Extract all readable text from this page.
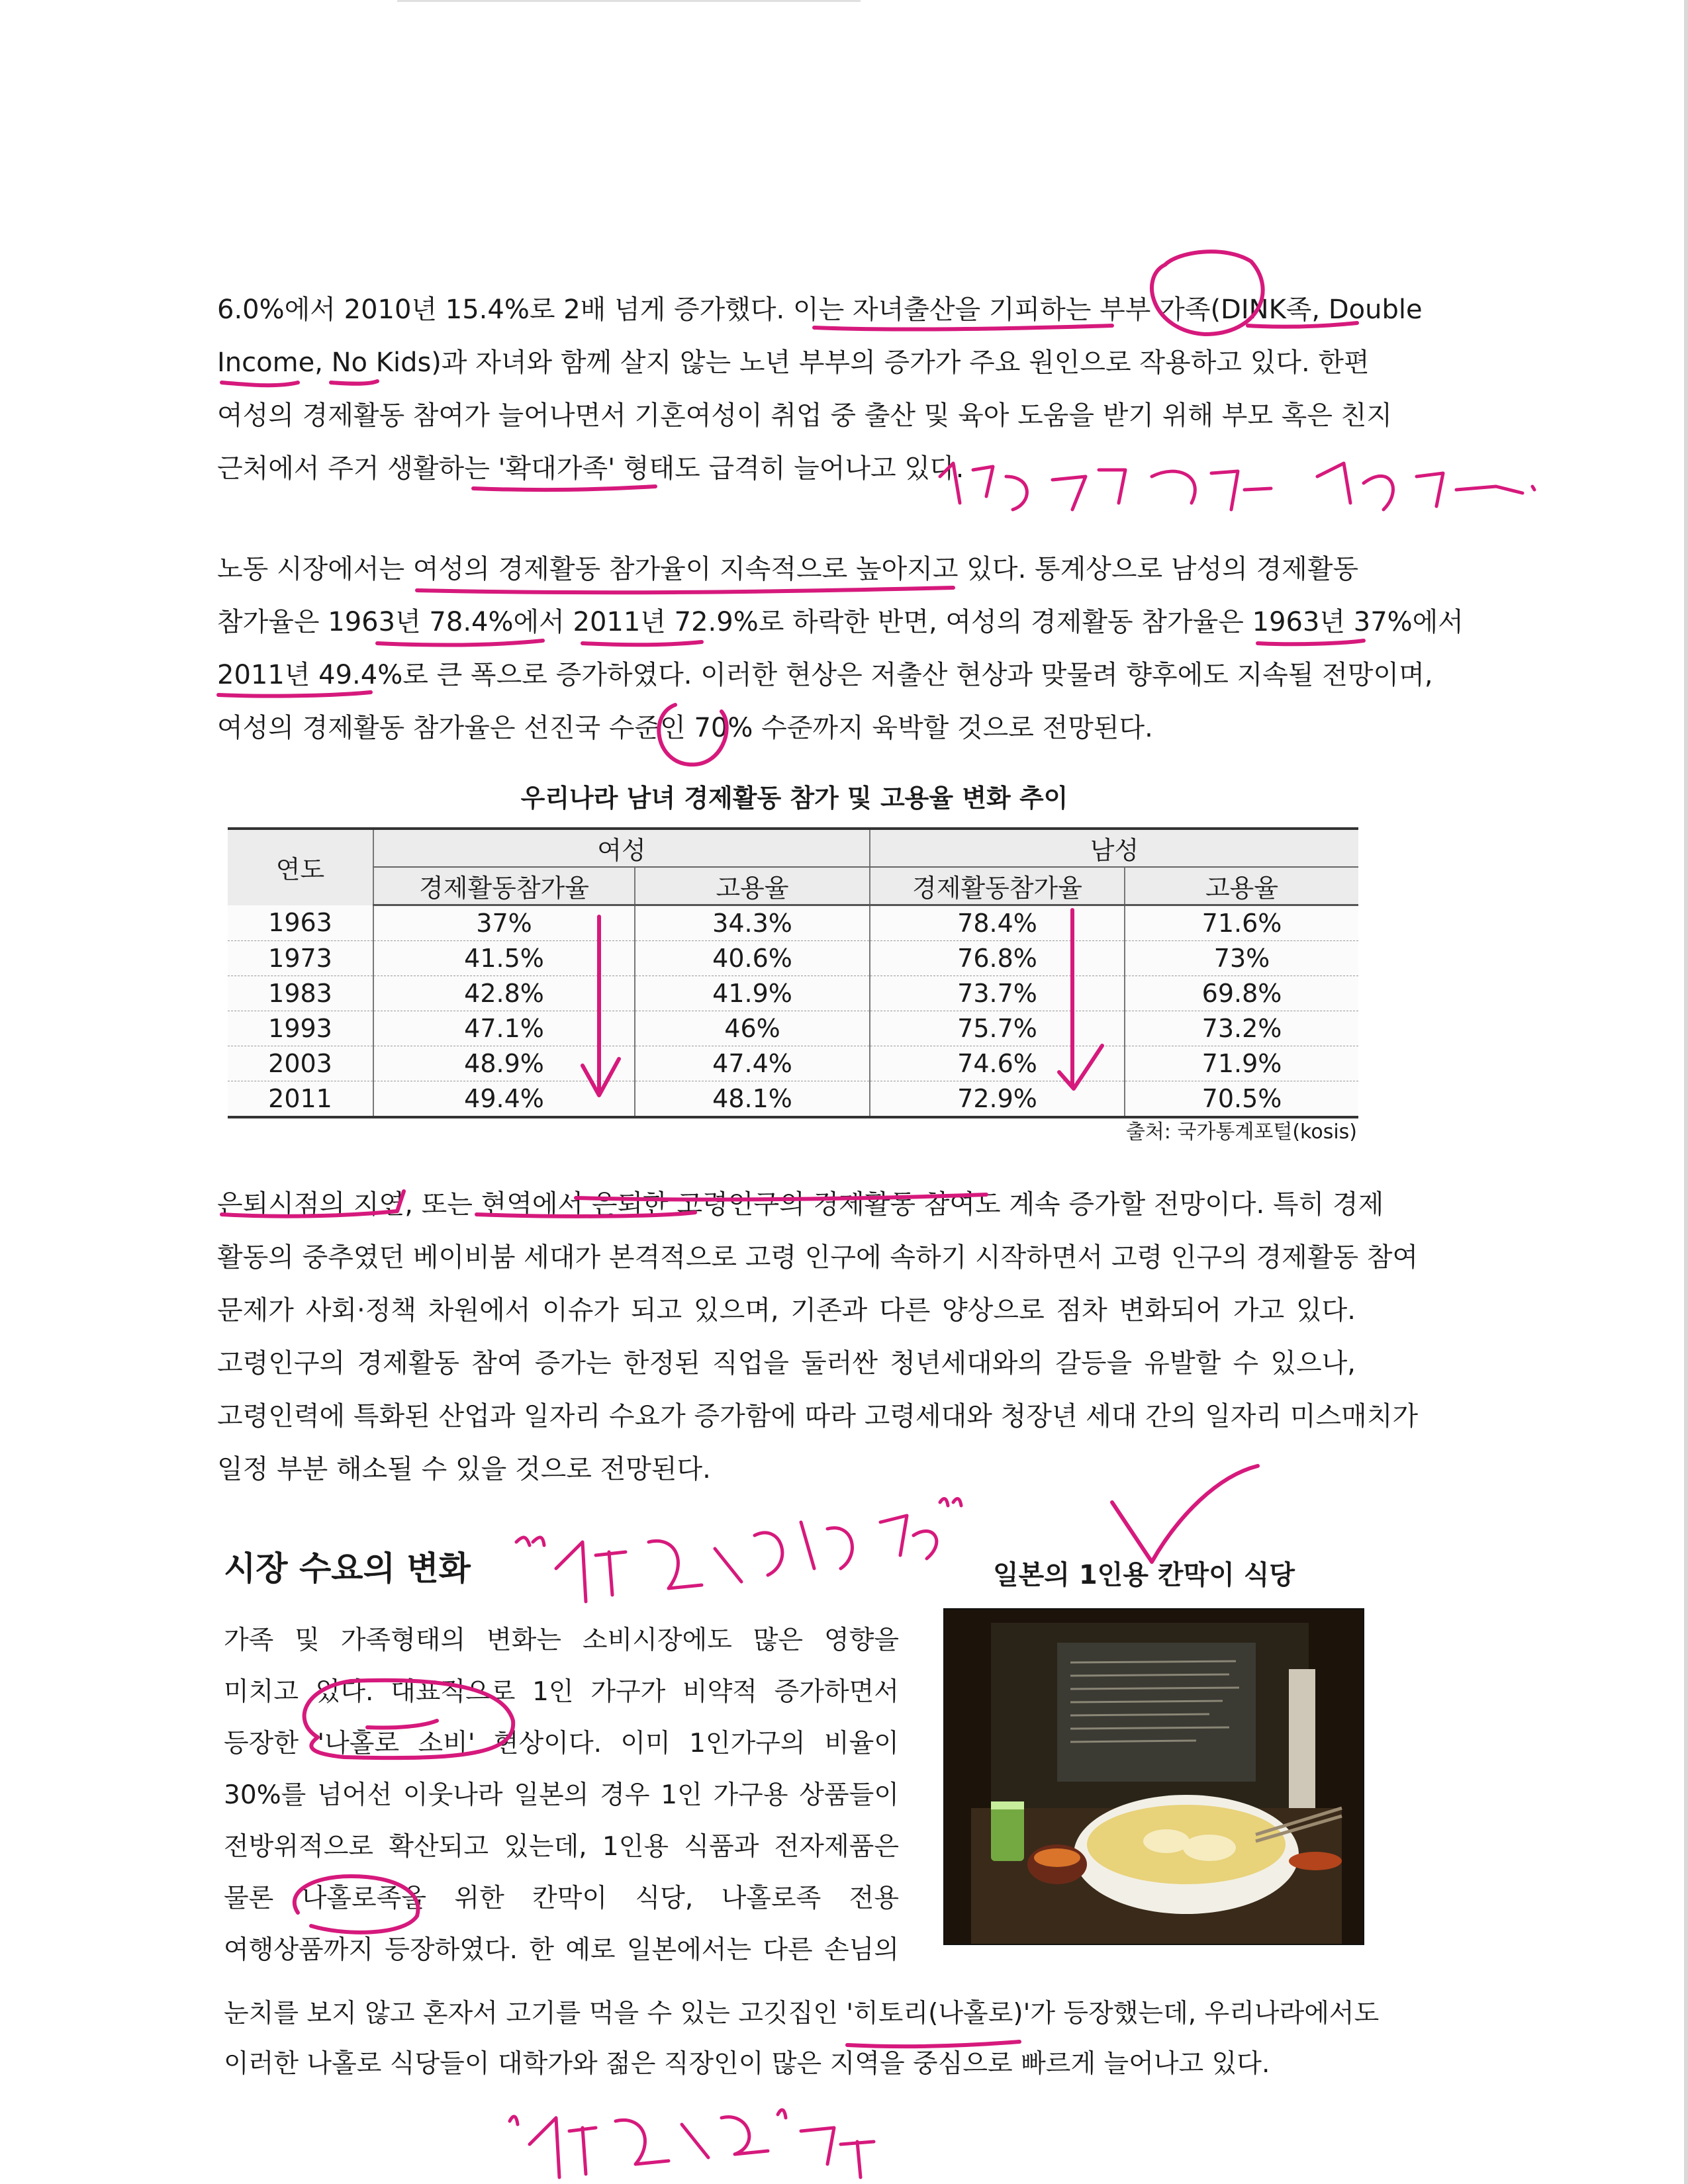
6.0%에서 2010년 15.4%로 2배 넘게 증가했다. 이는 자녀출산을 기피하는 부부 가족(DINK족, Double
Income, No Kids)과 자녀와 함께 살지 않는 노년 부부의 증가가 주요 원인으로 작용하고 있다. 한편
여성의 경제활동 참여가 늘어나면서 기혼여성이 취업 중 출산 및 육아 도움을 받기 위해 부모 혹은 친지
근처에서 주거 생활하는 '확대가족' 형태도 급격히 늘어나고 있다.
노동 시장에서는 여성의 경제활동 참가율이 지속적으로 높아지고 있다. 통계상으로 남성의 경제활동
참가율은 1963년 78.4%에서 2011년 72.9%로 하락한 반면, 여성의 경제활동 참가율은 1963년 37%에서
2011년 49.4%로 큰 폭으로 증가하였다. 이러한 현상은 저출산 현상과 맞물려 향후에도 지속될 전망이며,
여성의 경제활동 참가율은 선진국 수준인 70% 수준까지 육박할 것으로 전망된다.
우리나라 남녀 경제활동 참가 및 고용율 변화 추이
연도	여성		남성	
	경제활동참가율	고용율	경제활동참가율	고용율
1963	37%	34.3%	78.4%	71.6%
1973	41.5%	40.6%	76.8%	73%
1983	42.8%	41.9%	73.7%	69.8%
1993	47.1%	46%	75.7%	73.2%
2003	48.9%	47.4%	74.6%	71.9%
2011	49.4%	48.1%	72.9%	70.5%
출처: 국가통계포털(kosis)
은퇴시점의 지연, 또는 현역에서 은퇴한 고령인구의 경제활동 참여도 계속 증가할 전망이다. 특히 경제
활동의 중추였던 베이비붐 세대가 본격적으로 고령 인구에 속하기 시작하면서 고령 인구의 경제활동 참여
문제가 사회·정책 차원에서 이슈가 되고 있으며, 기존과 다른 양상으로 점차 변화되어 가고 있다.
고령인구의 경제활동 참여 증가는 한정된 직업을 둘러싼 청년세대와의 갈등을 유발할 수 있으나,
고령인력에 특화된 산업과 일자리 수요가 증가함에 따라 고령세대와 청장년 세대 간의 일자리 미스매치가
일정 부분 해소될 수 있을 것으로 전망된다.
시장 수요의 변화	일본의 1인용 칸막이 식당
가족 및 가족형태의 변화는 소비시장에도 많은 영향을
미치고 있다. 대표적으로 1인 가구가 비약적 증가하면서
등장한 '나홀로 소비' 현상이다. 이미 1인가구의 비율이
30%를 넘어선 이웃나라 일본의 경우 1인 가구용 상품들이
전방위적으로 확산되고 있는데, 1인용 식품과 전자제품은
물론 나홀로족을 위한 칸막이 식당, 나홀로족 전용
여행상품까지 등장하였다. 한 예로 일본에서는 다른 손님의
눈치를 보지 않고 혼자서 고기를 먹을 수 있는 고깃집인 '히토리(나홀로)'가 등장했는데, 우리나라에서도
이러한 나홀로 식당들이 대학가와 젊은 직장인이 많은 지역을 중심으로 빠르게 늘어나고 있다.
